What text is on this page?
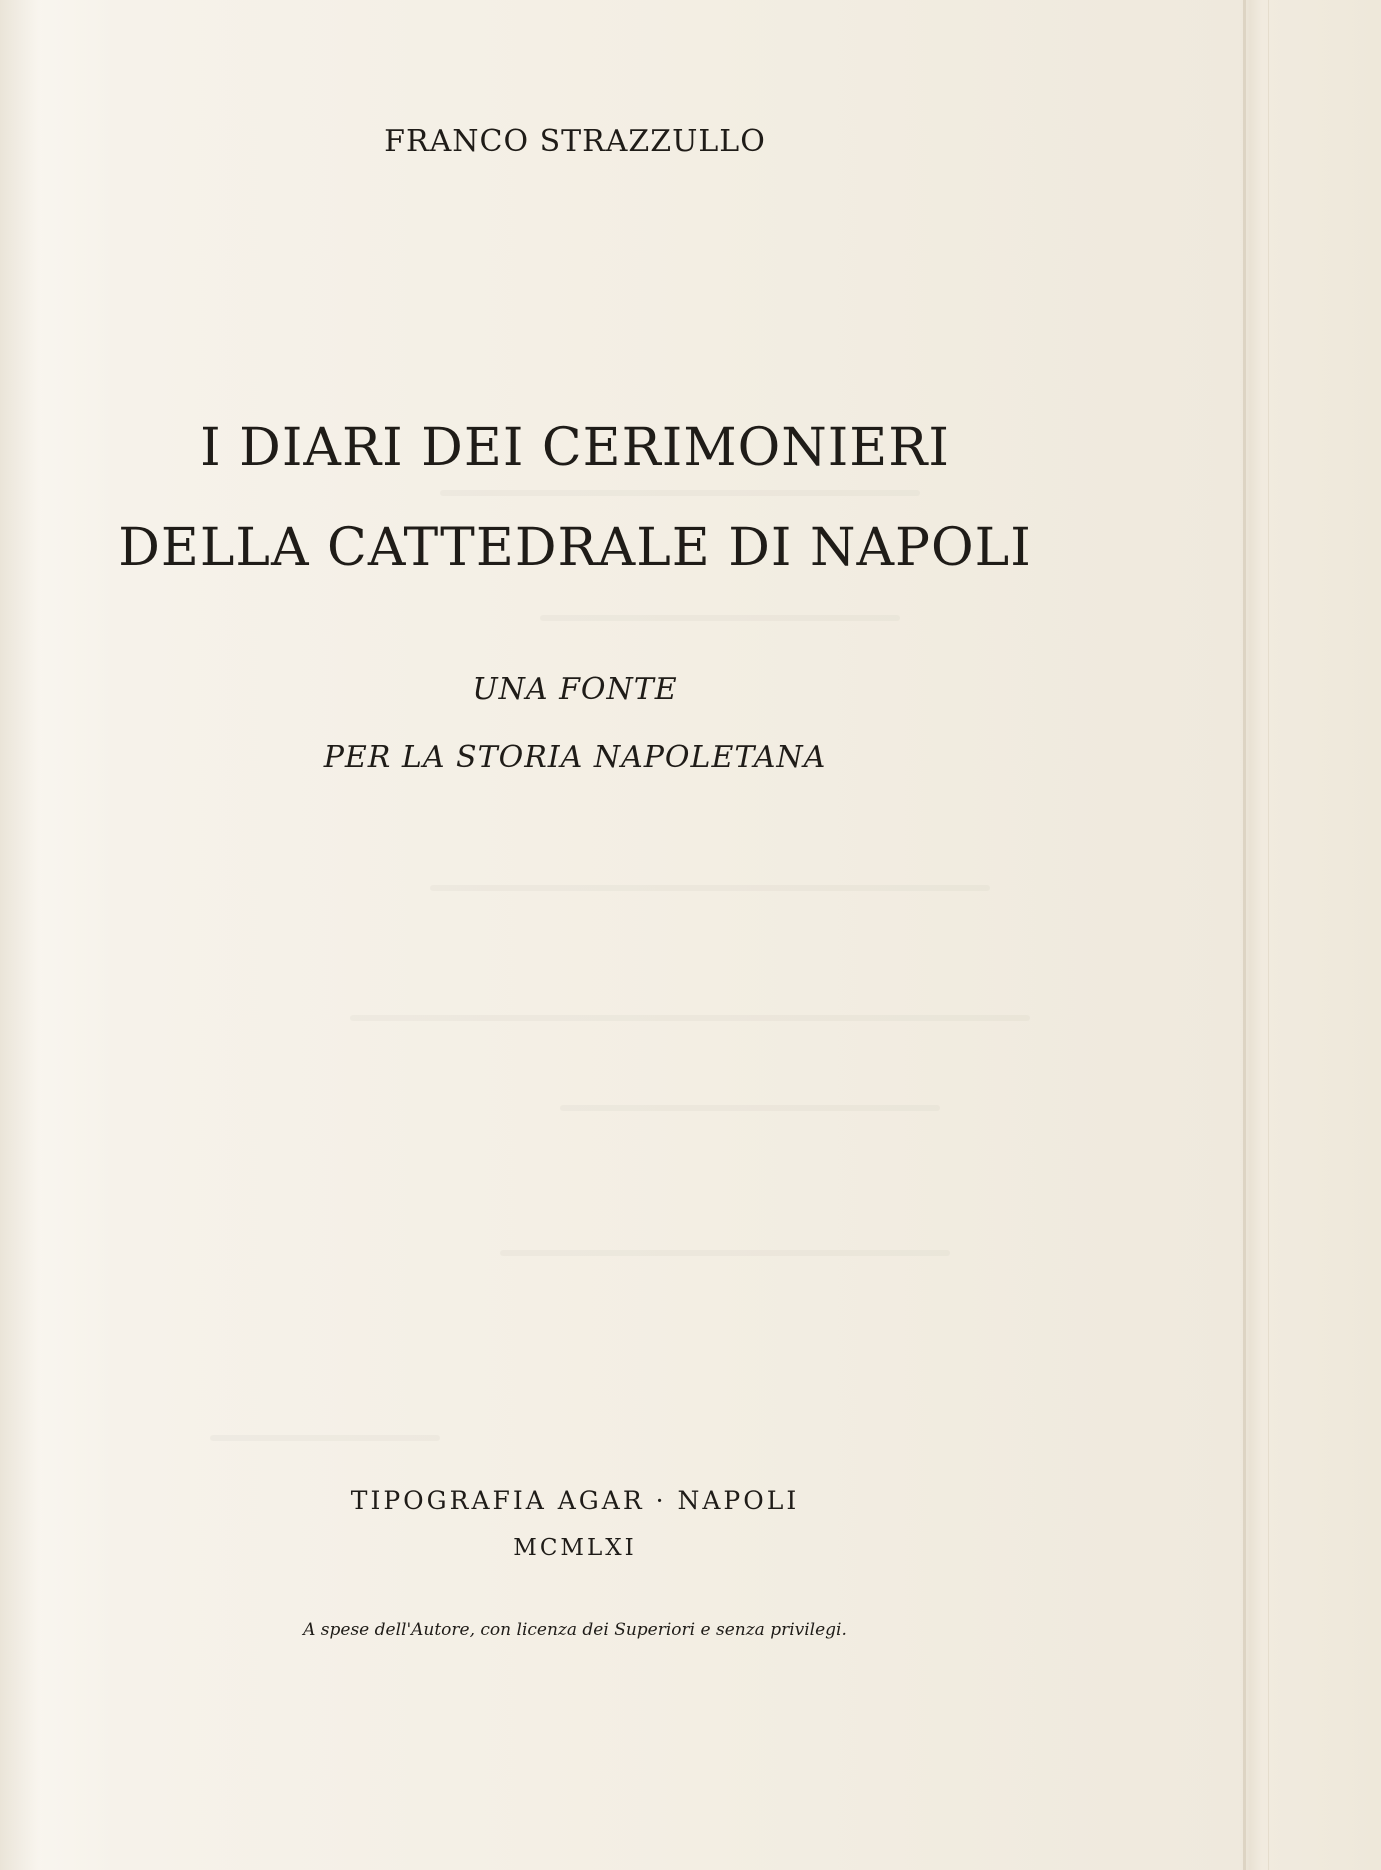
FRANCO STRAZZULLO
I DIARI DEI CERIMONIERI
DELLA CATTEDRALE DI NAPOLI
UNA FONTE
PER LA STORIA NAPOLETANA
TIPOGRAFIA AGAR · NAPOLI
MCMLXI
A spese dell'Autore, con licenza dei Superiori e senza privilegi.
